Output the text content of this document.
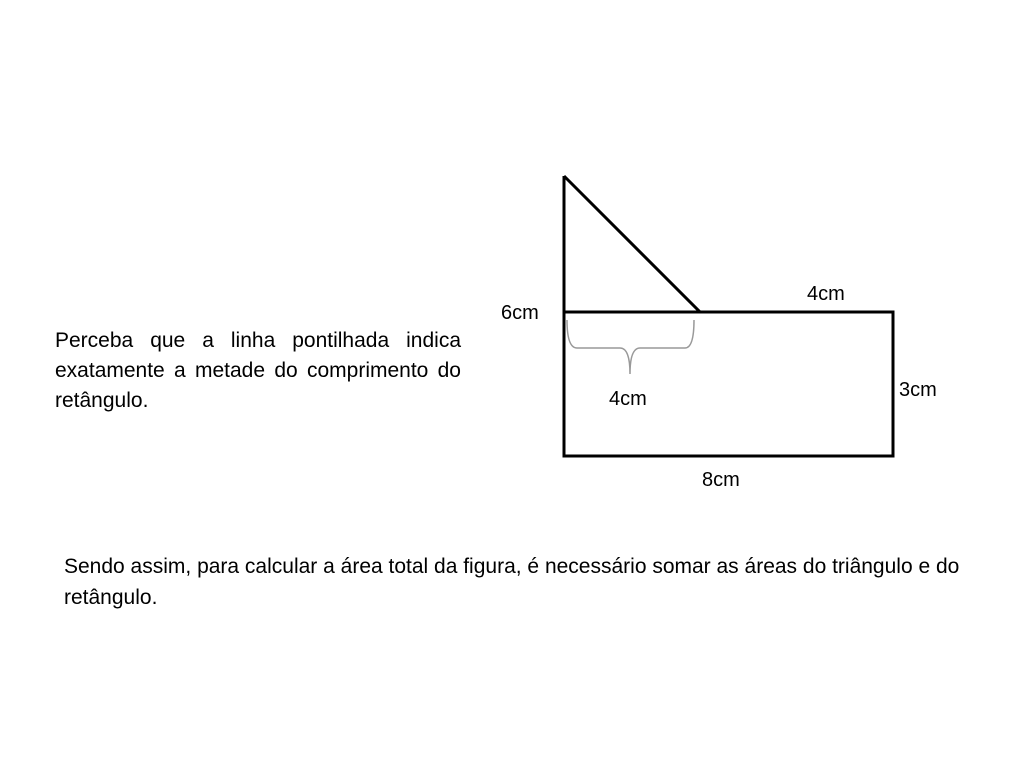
Perceba que a linha pontilhada indica exatamente a metade do comprimento do retângulo.

6cm
4cm
4cm	3cm
8cm

Sendo assim, para calcular a área total da figura, é necessário somar as áreas do triângulo e do retângulo.
